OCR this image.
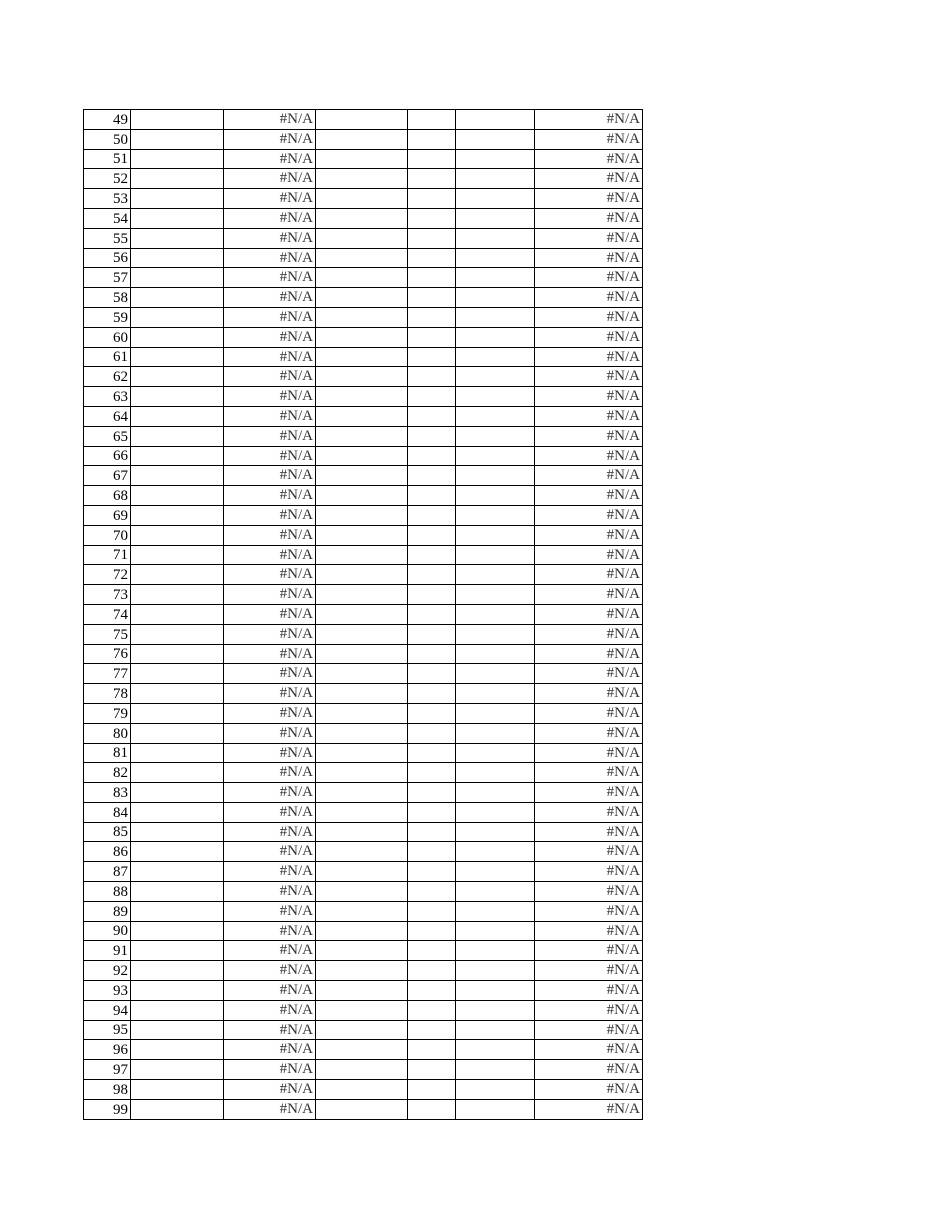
49		#N/A				#N/A
50		#N/A				#N/A
51		#N/A				#N/A
52		#N/A				#N/A
53		#N/A				#N/A
54		#N/A				#N/A
55		#N/A				#N/A
56		#N/A				#N/A
57		#N/A				#N/A
58		#N/A				#N/A
59		#N/A				#N/A
60		#N/A				#N/A
61		#N/A				#N/A
62		#N/A				#N/A
63		#N/A				#N/A
64		#N/A				#N/A
65		#N/A				#N/A
66		#N/A				#N/A
67		#N/A				#N/A
68		#N/A				#N/A
69		#N/A				#N/A
70		#N/A				#N/A
71		#N/A				#N/A
72		#N/A				#N/A
73		#N/A				#N/A
74		#N/A				#N/A
75		#N/A				#N/A
76		#N/A				#N/A
77		#N/A				#N/A
78		#N/A				#N/A
79		#N/A				#N/A
80		#N/A				#N/A
81		#N/A				#N/A
82		#N/A				#N/A
83		#N/A				#N/A
84		#N/A				#N/A
85		#N/A				#N/A
86		#N/A				#N/A
87		#N/A				#N/A
88		#N/A				#N/A
89		#N/A				#N/A
90		#N/A				#N/A
91		#N/A				#N/A
92		#N/A				#N/A
93		#N/A				#N/A
94		#N/A				#N/A
95		#N/A				#N/A
96		#N/A				#N/A
97		#N/A				#N/A
98		#N/A				#N/A
99		#N/A				#N/A
